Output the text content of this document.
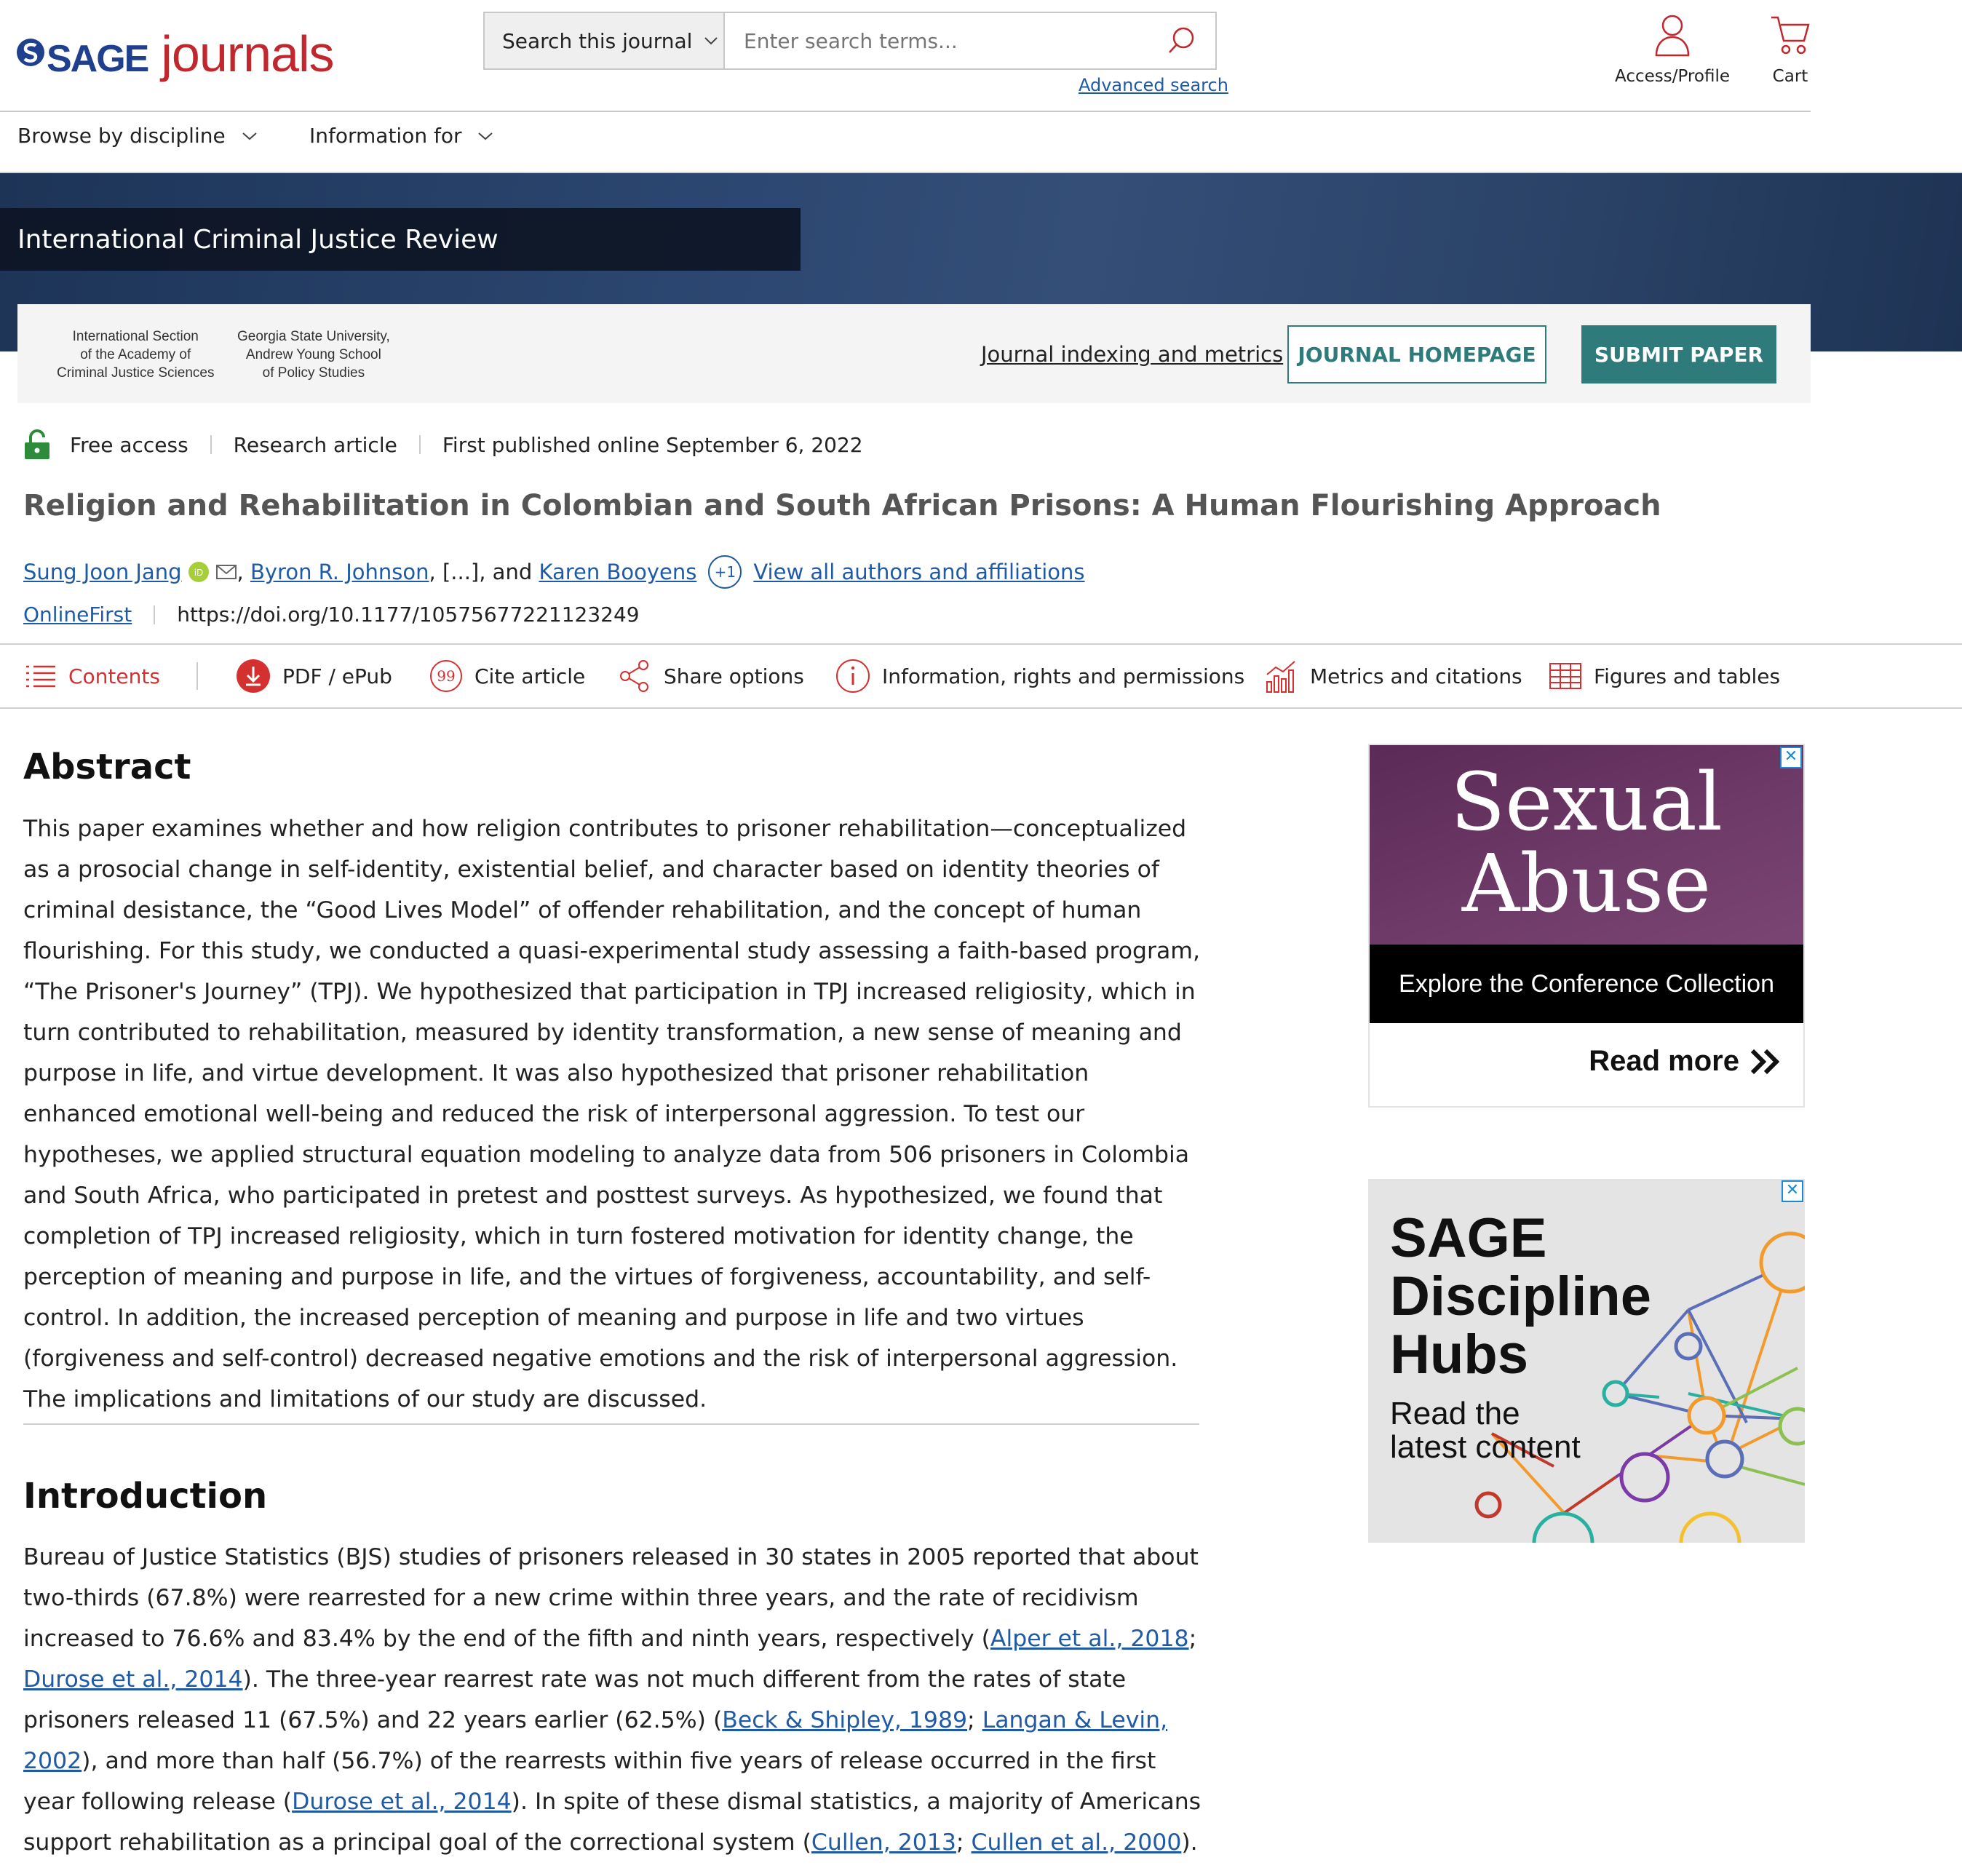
SAGE journals	Search this journal
Enter search terms...
Advanced search	Access/Profile	Cart
Browse by discipline	Information for
International Criminal Justice Review
International Section
of the Academy of
Criminal Justice Sciences
Georgia State University,
Andrew Young School
of Policy Studies
Journal indexing and metrics JOURNAL HOMEPAGE	SUBMIT PAPER
Free access Research article First published online September 6, 2022
Religion and Rehabilitation in Colombian and South African Prisons: A Human Flourishing Approach
Sung Joon Jang iD , Byron R. Johnson , [...], and Karen Booyens	+1 View all authors and affiliations
OnlineFirst https://doi.org/10.1177/10575677221123249
Contents	PDF / ePub	99 Cite article	Share options	Information, rights and permissions	Metrics and citations	Figures and tables
Abstract

This paper examines whether and how religion contributes to prisoner rehabilitation—conceptualized as a prosocial change in self-identity, existential belief, and character based on identity theories of criminal desistance, the “Good Lives Model” of offender rehabilitation, and the concept of human flourishing. For this study, we conducted a quasi-experimental study assessing a faith-based program, “The Prisoner's Journey” (TPJ). We hypothesized that participation in TPJ increased religiosity, which in turn contributed to rehabilitation, measured by identity transformation, a new sense of meaning and purpose in life, and virtue development. It was also hypothesized that prisoner rehabilitation enhanced emotional well-being and reduced the risk of interpersonal aggression. To test our hypotheses, we applied structural equation modeling to analyze data from 506 prisoners in Colombia and South Africa, who participated in pretest and posttest surveys. As hypothesized, we found that completion of TPJ increased religiosity, which in turn fostered motivation for identity change, the perception of meaning and purpose in life, and the virtues of forgiveness, accountability, and self-control. In addition, the increased perception of meaning and purpose in life and two virtues (forgiveness and self-control) decreased negative emotions and the risk of interpersonal aggression. The implications and limitations of our study are discussed.

Introduction

Bureau of Justice Statistics (BJS) studies of prisoners released in 30 states in 2005 reported that about two-thirds (67.8%) were rearrested for a new crime within three years, and the rate of recidivism increased to 76.6% and 83.4% by the end of the fifth and ninth years, respectively (Alper et al., 2018; Durose et al., 2014). The three-year rearrest rate was not much different from the rates of state prisoners released 11 (67.5%) and 22 years earlier (62.5%) (Beck & Shipley, 1989; Langan & Levin, 2002), and more than half (56.7%) of the rearrests within five years of release occurred in the first year following release (Durose et al., 2014). In spite of these dismal statistics, a majority of Americans support rehabilitation as a principal goal of the correctional system (Cullen, 2013; Cullen et al., 2000).

Sexual
Abuse
Explore the Conference Collection
Read more
✕
SAGE
Discipline
Hubs
Read the
latest content
✕
